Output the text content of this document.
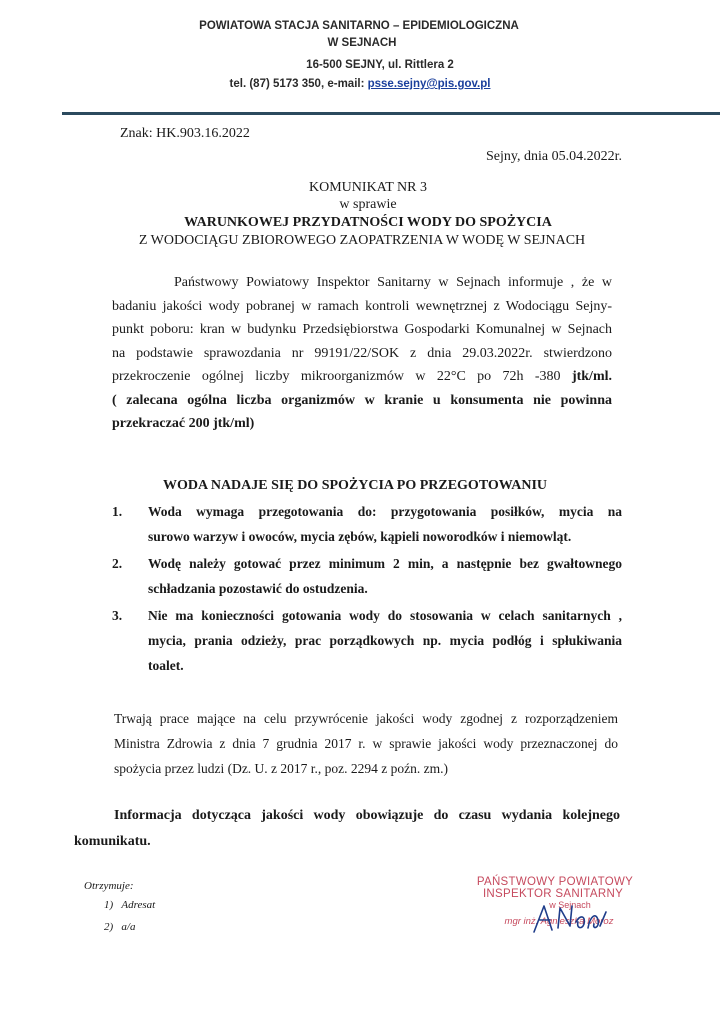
POWIATOWA STACJA SANITARNO – EPIDEMIOLOGICZNA
W SEJNACH
16-500 SEJNY, ul. Rittlera 2
tel. (87) 5173 350, e-mail: psse.sejny@pis.gov.pl
Znak: HK.903.16.2022
Sejny, dnia 05.04.2022r.
KOMUNIKAT NR 3
w sprawie
WARUNKOWEJ PRZYDATNOŚCI WODY DO SPOŻYCIA
Z WODOCIĄGU ZBIOROWEGO ZAOPATRZENIA W WODĘ W SEJNACH
Państwowy Powiatowy Inspektor Sanitarny w Sejnach informuje , że w
badaniu jakości wody pobranej w ramach kontroli wewnętrznej z Wodociągu Sejny-
punkt poboru: kran w budynku Przedsiębiorstwa Gospodarki Komunalnej w Sejnach
na podstawie sprawozdania nr 99191/22/SOK z dnia 29.03.2022r. stwierdzono
przekroczenie ogólnej liczby mikroorganizmów w 22°C po 72h -380 jtk/ml.
( zalecana ogólna liczba organizmów w kranie u konsumenta nie powinna
przekraczać 200 jtk/ml)
WODA NADAJE SIĘ DO SPOŻYCIA PO PRZEGOTOWANIU
1. Woda wymaga przegotowania do: przygotowania posiłków, mycia na
surowo warzyw i owoców, mycia zębów, kąpieli noworodków i niemowląt.
2. Wodę należy gotować przez minimum 2 min, a następnie bez gwałtownego
schładzania pozostawić do ostudzenia.
3. Nie ma konieczności gotowania wody do stosowania w celach sanitarnych ,
mycia, prania odzieży, prac porządkowych np. mycia podłóg i spłukiwania
toalet.
Trwają prace mające na celu przywrócenie jakości wody zgodnej z rozporządzeniem
Ministra Zdrowia z dnia 7 grudnia 2017 r. w sprawie jakości wody przeznaczonej do
spożycia przez ludzi (Dz. U. z 2017 r., poz. 2294 z poźn. zm.)
Informacja dotycząca jakości wody obowiązuje do czasu wydania kolejnego
komunikatu.
Otrzymuje:
1) Adresat
2) a/a
PAŃSTWOWY POWIATOWY
INSPEKTOR SANITARNY
w Sejnach
mgr inż. Agnieszka Moroz
